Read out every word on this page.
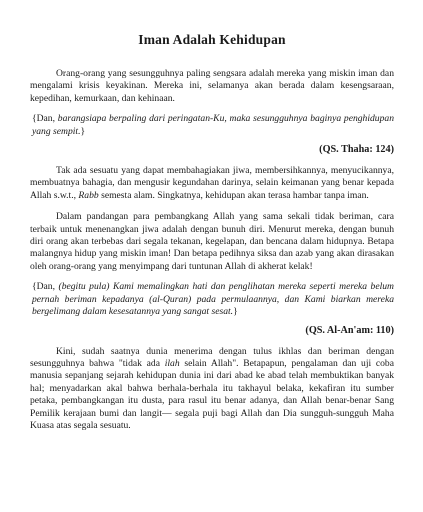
Iman Adalah Kehidupan

Orang-orang yang sesungguhnya paling sengsara adalah mereka yang miskin iman dan mengalami krisis keyakinan. Mereka ini, selamanya akan berada dalam kesengsaraan, kepedihan, kemurkaan, dan kehinaan.

{Dan, barangsiapa berpaling dari peringatan-Ku, maka sesungguhnya baginya penghidupan yang sempit.}

(QS. Thaha: 124)

Tak ada sesuatu yang dapat membahagiakan jiwa, membersihkannya, menyucikannya, membuatnya bahagia, dan mengusir kegundahan darinya, selain keimanan yang benar kepada Allah s.w.t., Rabb semesta alam. Singkatnya, kehidupan akan terasa hambar tanpa iman.

Dalam pandangan para pembangkang Allah yang sama sekali tidak beriman, cara terbaik untuk menenangkan jiwa adalah dengan bunuh diri. Menurut mereka, dengan bunuh diri orang akan terbebas dari segala tekanan, kegelapan, dan bencana dalam hidupnya. Betapa malangnya hidup yang miskin iman! Dan betapa pedihnya siksa dan azab yang akan dirasakan oleh orang-orang yang menyimpang dari tuntunan Allah di akherat kelak!

{Dan, (begitu pula) Kami memalingkan hati dan penglihatan mereka seperti mereka belum pernah beriman kepadanya (al-Quran) pada permulaannya, dan Kami biarkan mereka bergelimang dalam kesesatannya yang sangat sesat.}

(QS. Al-An'am: 110)

Kini, sudah saatnya dunia menerima dengan tulus ikhlas dan beriman dengan sesungguhnya bahwa "tidak ada ilah selain Allah". Betapapun, pengalaman dan uji coba manusia sepanjang sejarah kehidupan dunia ini dari abad ke abad telah membuktikan banyak hal; menyadarkan akal bahwa berhala-berhala itu takhayul belaka, kekafiran itu sumber petaka, pembangkangan itu dusta, para rasul itu benar adanya, dan Allah benar-benar Sang Pemilik kerajaan bumi dan langit— segala puji bagi Allah dan Dia sungguh-sungguh Maha Kuasa atas segala sesuatu.
